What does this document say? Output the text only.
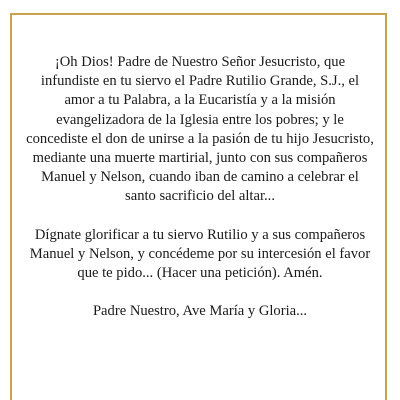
¡Oh Dios! Padre de Nuestro Señor Jesucristo, que infundiste en tu siervo el Padre Rutilio Grande, S.J., el amor a tu Palabra, a la Eucaristía y a la misión evangelizadora de la Iglesia entre los pobres; y le concediste el don de unirse a la pasión de tu hijo Jesucristo, mediante una muerte martirial, junto con sus compañeros Manuel y Nelson, cuando iban de camino a celebrar el santo sacrificio del altar...

Dígnate glorificar a tu siervo Rutilio y a sus compañeros Manuel y Nelson, y concédeme por su intercesión el favor que te pido... (Hacer una petición). Amén.

Padre Nuestro, Ave María y Gloria...
